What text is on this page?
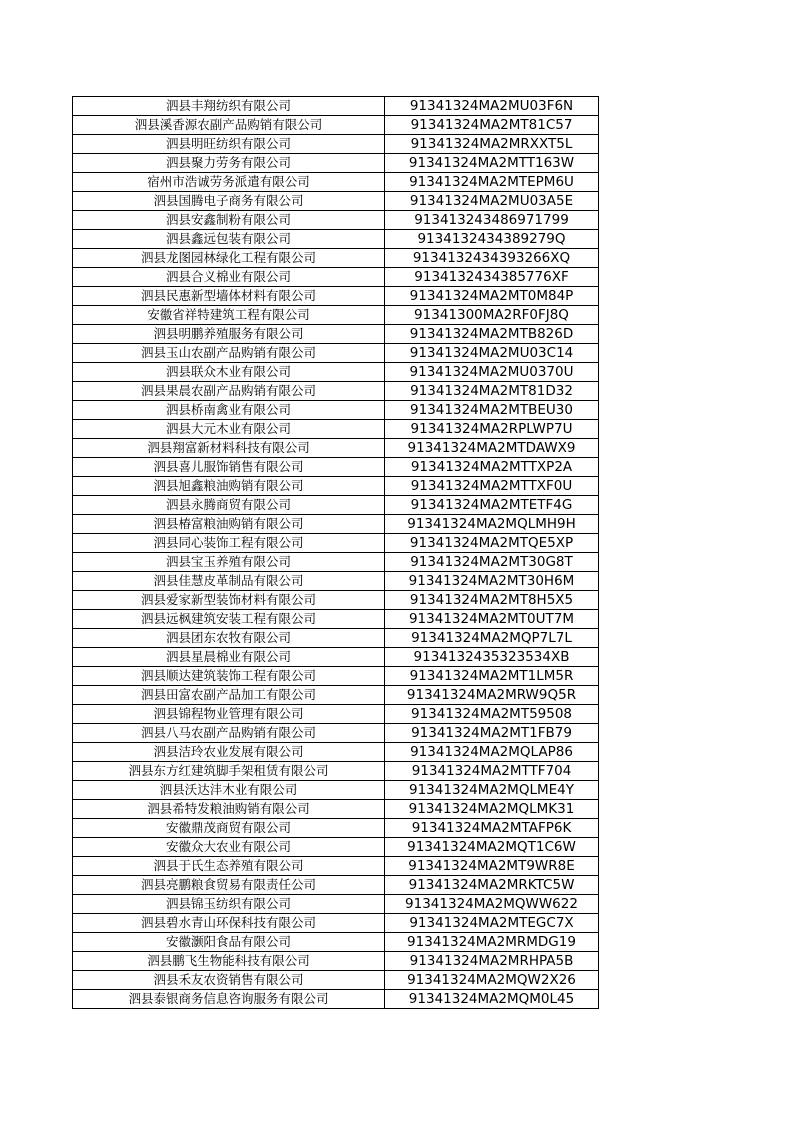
泗县丰翔纺织有限公司	91341324MA2MU03F6N
泗县溪香源农副产品购销有限公司	91341324MA2MT81C57
泗县明旺纺织有限公司	91341324MA2MRXXT5L
泗县聚力劳务有限公司	91341324MA2MTT163W
宿州市浩诚劳务派遣有限公司	91341324MA2MTEPM6U
泗县国腾电子商务有限公司	91341324MA2MU03A5E
泗县安鑫制粉有限公司	913413243486971799
泗县鑫远包装有限公司	9134132434389279Q
泗县龙图园林绿化工程有限公司	9134132434393266XQ
泗县合义棉业有限公司	9134132434385776XF
泗县民惠新型墙体材料有限公司	91341324MA2MT0M84P
安徽省祥特建筑工程有限公司	91341300MA2RF0FJ8Q
泗县明鹏养殖服务有限公司	91341324MA2MTB826D
泗县玉山农副产品购销有限公司	91341324MA2MU03C14
泗县联众木业有限公司	91341324MA2MU0370U
泗县果晨农副产品购销有限公司	91341324MA2MT81D32
泗县桥南禽业有限公司	91341324MA2MTBEU30
泗县大元木业有限公司	91341324MA2RPLWP7U
泗县翔富新材料科技有限公司	91341324MA2MTDAWX9
泗县喜儿服饰销售有限公司	91341324MA2MTTXP2A
泗县旭鑫粮油购销有限公司	91341324MA2MTTXF0U
泗县永腾商贸有限公司	91341324MA2MTETF4G
泗县椿富粮油购销有限公司	91341324MA2MQLMH9H
泗县同心装饰工程有限公司	91341324MA2MTQE5XP
泗县宝玉养殖有限公司	91341324MA2MT30G8T
泗县佳慧皮革制品有限公司	91341324MA2MT30H6M
泗县爱家新型装饰材料有限公司	91341324MA2MT8H5X5
泗县远枫建筑安装工程有限公司	91341324MA2MT0UT7M
泗县团东农牧有限公司	91341324MA2MQP7L7L
泗县星晨棉业有限公司	9134132435323534XB
泗县顺达建筑装饰工程有限公司	91341324MA2MT1LM5R
泗县田富农副产品加工有限公司	91341324MA2MRW9Q5R
泗县锦程物业管理有限公司	91341324MA2MT59508
泗县八马农副产品购销有限公司	91341324MA2MT1FB79
泗县洁玲农业发展有限公司	91341324MA2MQLAP86
泗县东方红建筑脚手架租赁有限公司	91341324MA2MTTF704
泗县沃达沣木业有限公司	91341324MA2MQLME4Y
泗县希特发粮油购销有限公司	91341324MA2MQLMK31
安徽鼎茂商贸有限公司	91341324MA2MTAFP6K
安徽众大农业有限公司	91341324MA2MQT1C6W
泗县于氏生态养殖有限公司	91341324MA2MT9WR8E
泗县亮鹏粮食贸易有限责任公司	91341324MA2MRKTC5W
泗县锦玉纺织有限公司	91341324MA2MQWW622
泗县碧水青山环保科技有限公司	91341324MA2MTEGC7X
安徽灏阳食品有限公司	91341324MA2MRMDG19
泗县鹏飞生物能科技有限公司	91341324MA2MRHPA5B
泗县禾友农资销售有限公司	91341324MA2MQW2X26
泗县泰银商务信息咨询服务有限公司	91341324MA2MQM0L45
